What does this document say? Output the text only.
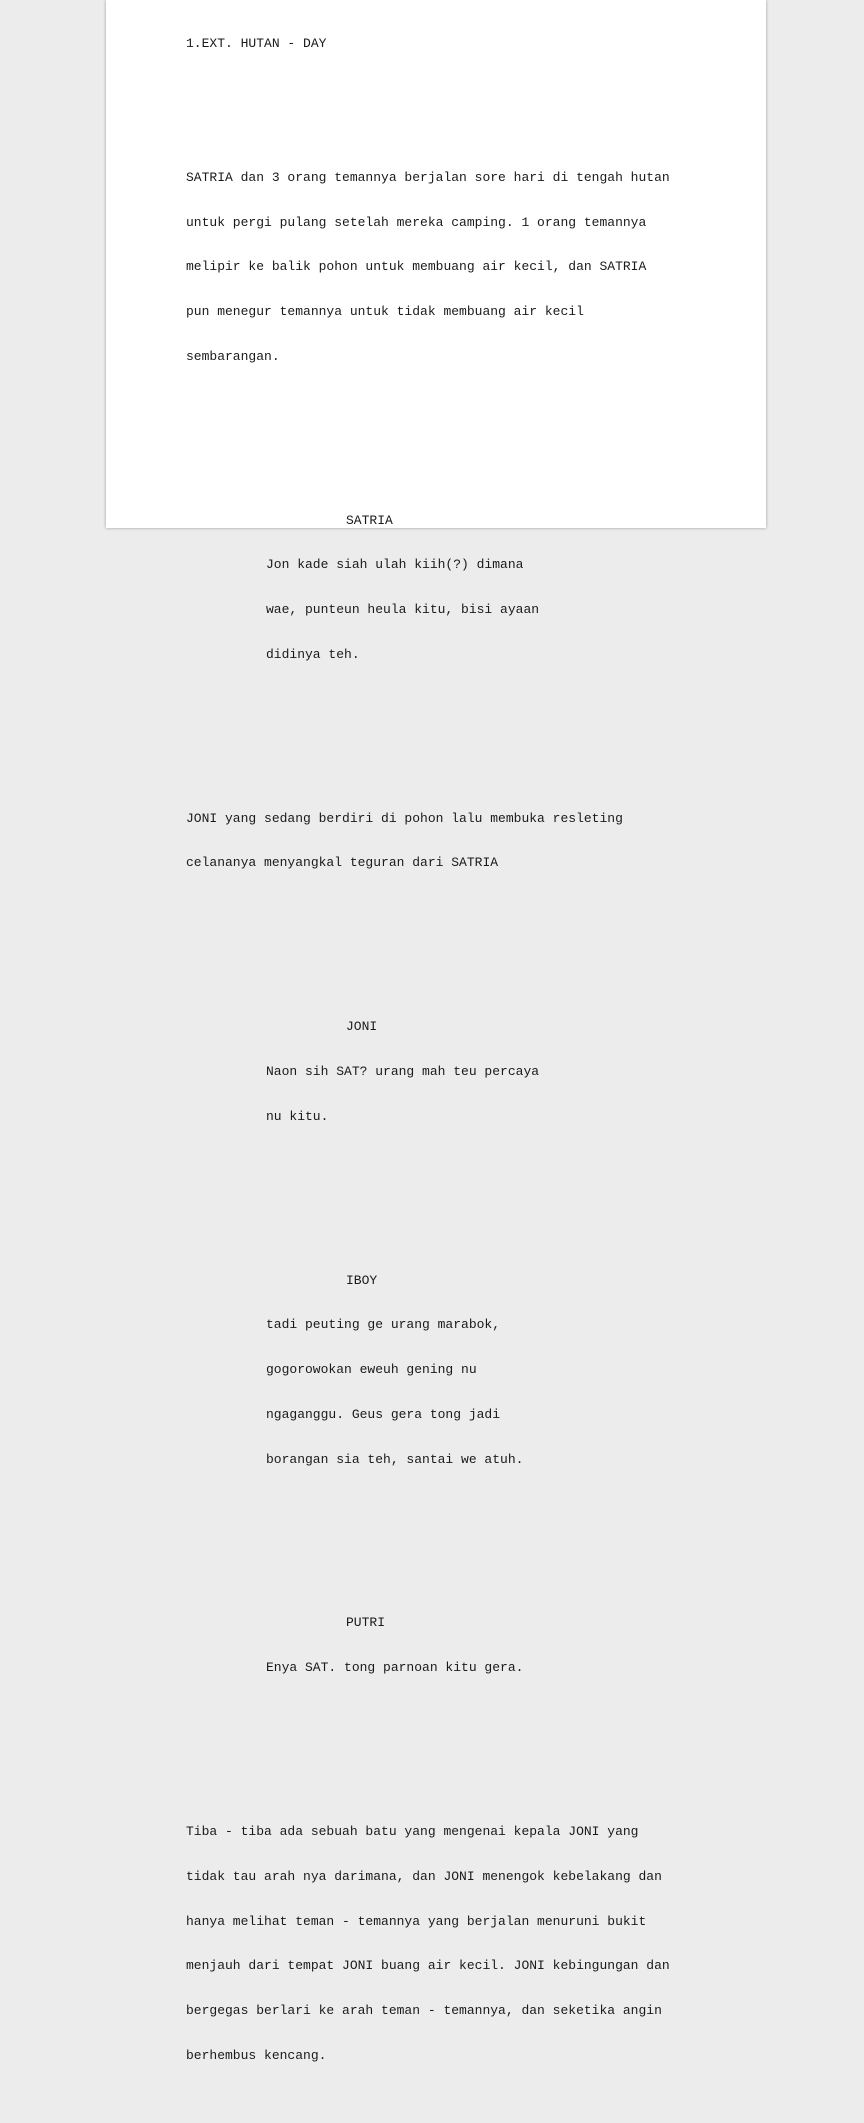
1.EXT. HUTAN - DAY

SATRIA dan 3 orang temannya berjalan sore hari di tengah hutan

untuk pergi pulang setelah mereka camping. 1 orang temannya

melipir ke balik pohon untuk membuang air kecil, dan SATRIA

pun menegur temannya untuk tidak membuang air kecil

sembarangan.

SATRIA

Jon kade siah ulah kiih(?) dimana

wae, punteun heula kitu, bisi ayaan

didinya teh.

JONI yang sedang berdiri di pohon lalu membuka resleting

celananya menyangkal teguran dari SATRIA

JONI

Naon sih SAT? urang mah teu percaya

nu kitu.

IBOY

tadi peuting ge urang marabok,

gogorowokan eweuh gening nu

ngaganggu. Geus gera tong jadi

borangan sia teh, santai we atuh.

PUTRI

Enya SAT. tong parnoan kitu gera.

Tiba - tiba ada sebuah batu yang mengenai kepala JONI yang

tidak tau arah nya darimana, dan JONI menengok kebelakang dan

hanya melihat teman - temannya yang berjalan menuruni bukit

menjauh dari tempat JONI buang air kecil. JONI kebingungan dan

bergegas berlari ke arah teman - temannya, dan seketika angin

berhembus kencang.
